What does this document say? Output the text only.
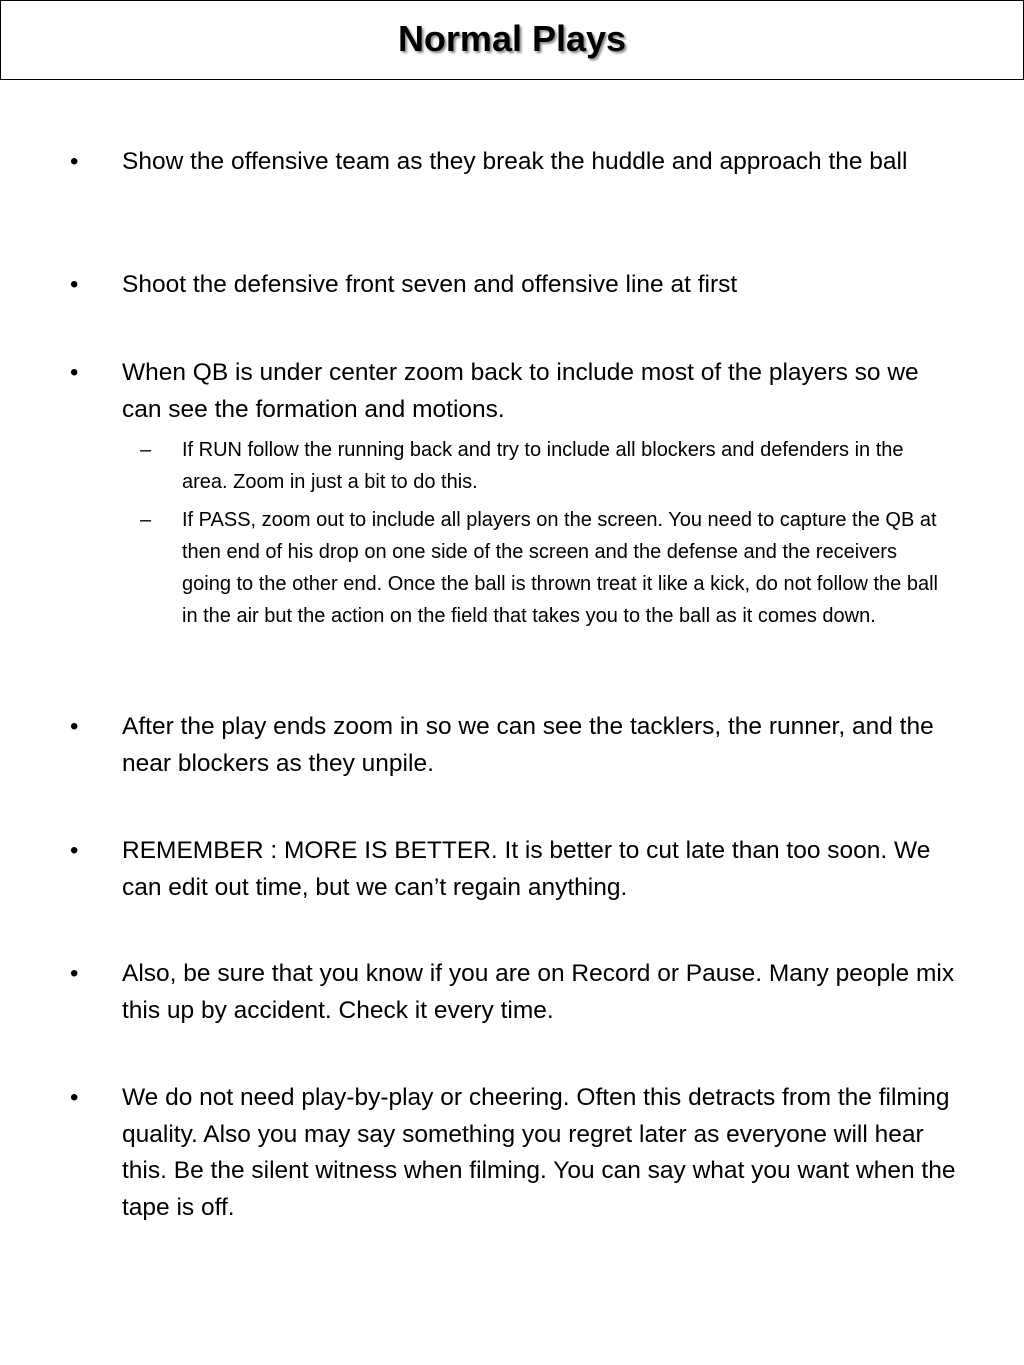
Normal Plays
• Show the offensive team as they break the huddle and approach the ball
• Shoot the defensive front seven and offensive line at first
• When QB is under center zoom back to include most of the players so we can see the formation and motions.
– If RUN follow the running back and try to include all blockers and defenders in the area. Zoom in just a bit to do this.
– If PASS, zoom out to include all players on the screen. You need to capture the QB at then end of his drop on one side of the screen and the defense and the receivers going to the other end. Once the ball is thrown treat it like a kick, do not follow the ball in the air but the action on the field that takes you to the ball as it comes down.
• After the play ends zoom in so we can see the tacklers, the runner, and the near blockers as they unpile.
• REMEMBER : MORE IS BETTER. It is better to cut late than too soon. We can edit out time, but we can’t regain anything.
• Also, be sure that you know if you are on Record or Pause. Many people mix this up by accident. Check it every time.
• We do not need play-by-play or cheering. Often this detracts from the filming quality. Also you may say something you regret later as everyone will hear this. Be the silent witness when filming. You can say what you want when the tape is off.
